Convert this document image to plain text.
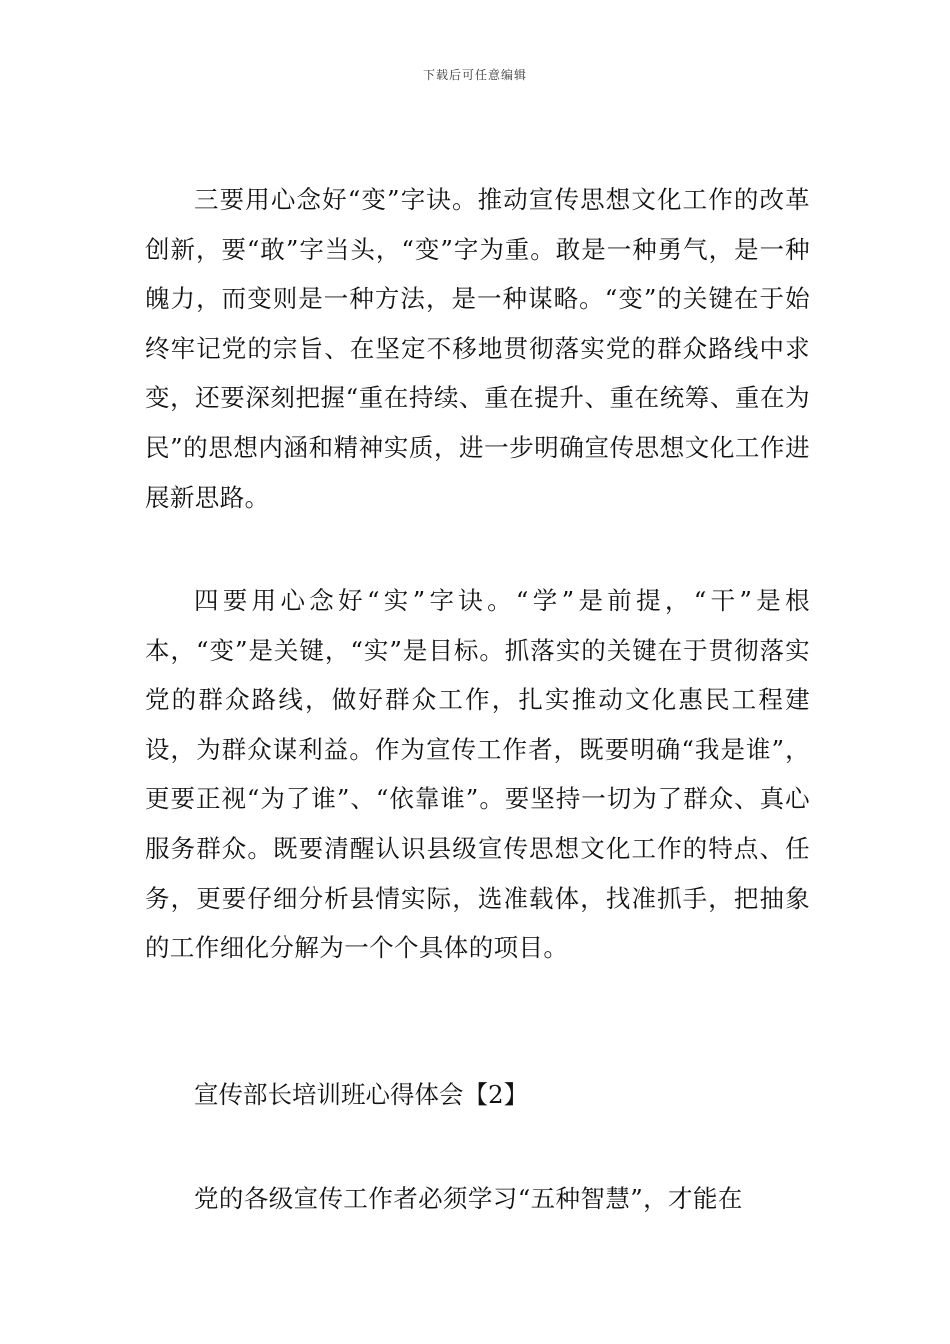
下载后可任意编辑

三要用心念好“变”字诀。推动宣传思想文化工作的改革创新，要“敢”字当头，“变”字为重。敢是一种勇气，是一种魄力，而变则是一种方法，是一种谋略。“变”的关键在于始终牢记党的宗旨、在坚定不移地贯彻落实党的群众路线中求变，还要深刻把握“重在持续、重在提升、重在统筹、重在为民”的思想内涵和精神实质，进一步明确宣传思想文化工作进展新思路。

四要用心念好“实”字诀。“学”是前提，“干”是根本，“变”是关键，“实”是目标。抓落实的关键在于贯彻落实党的群众路线，做好群众工作，扎实推动文化惠民工程建设，为群众谋利益。作为宣传工作者，既要明确“我是谁”，更要正视“为了谁”、“依靠谁”。要坚持一切为了群众、真心服务群众。既要清醒认识县级宣传思想文化工作的特点、任务，更要仔细分析县情实际，选准载体，找准抓手，把抽象的工作细化分解为一个个具体的项目。

宣传部长培训班心得体会【2】

党的各级宣传工作者必须学习“五种智慧”，才能在
